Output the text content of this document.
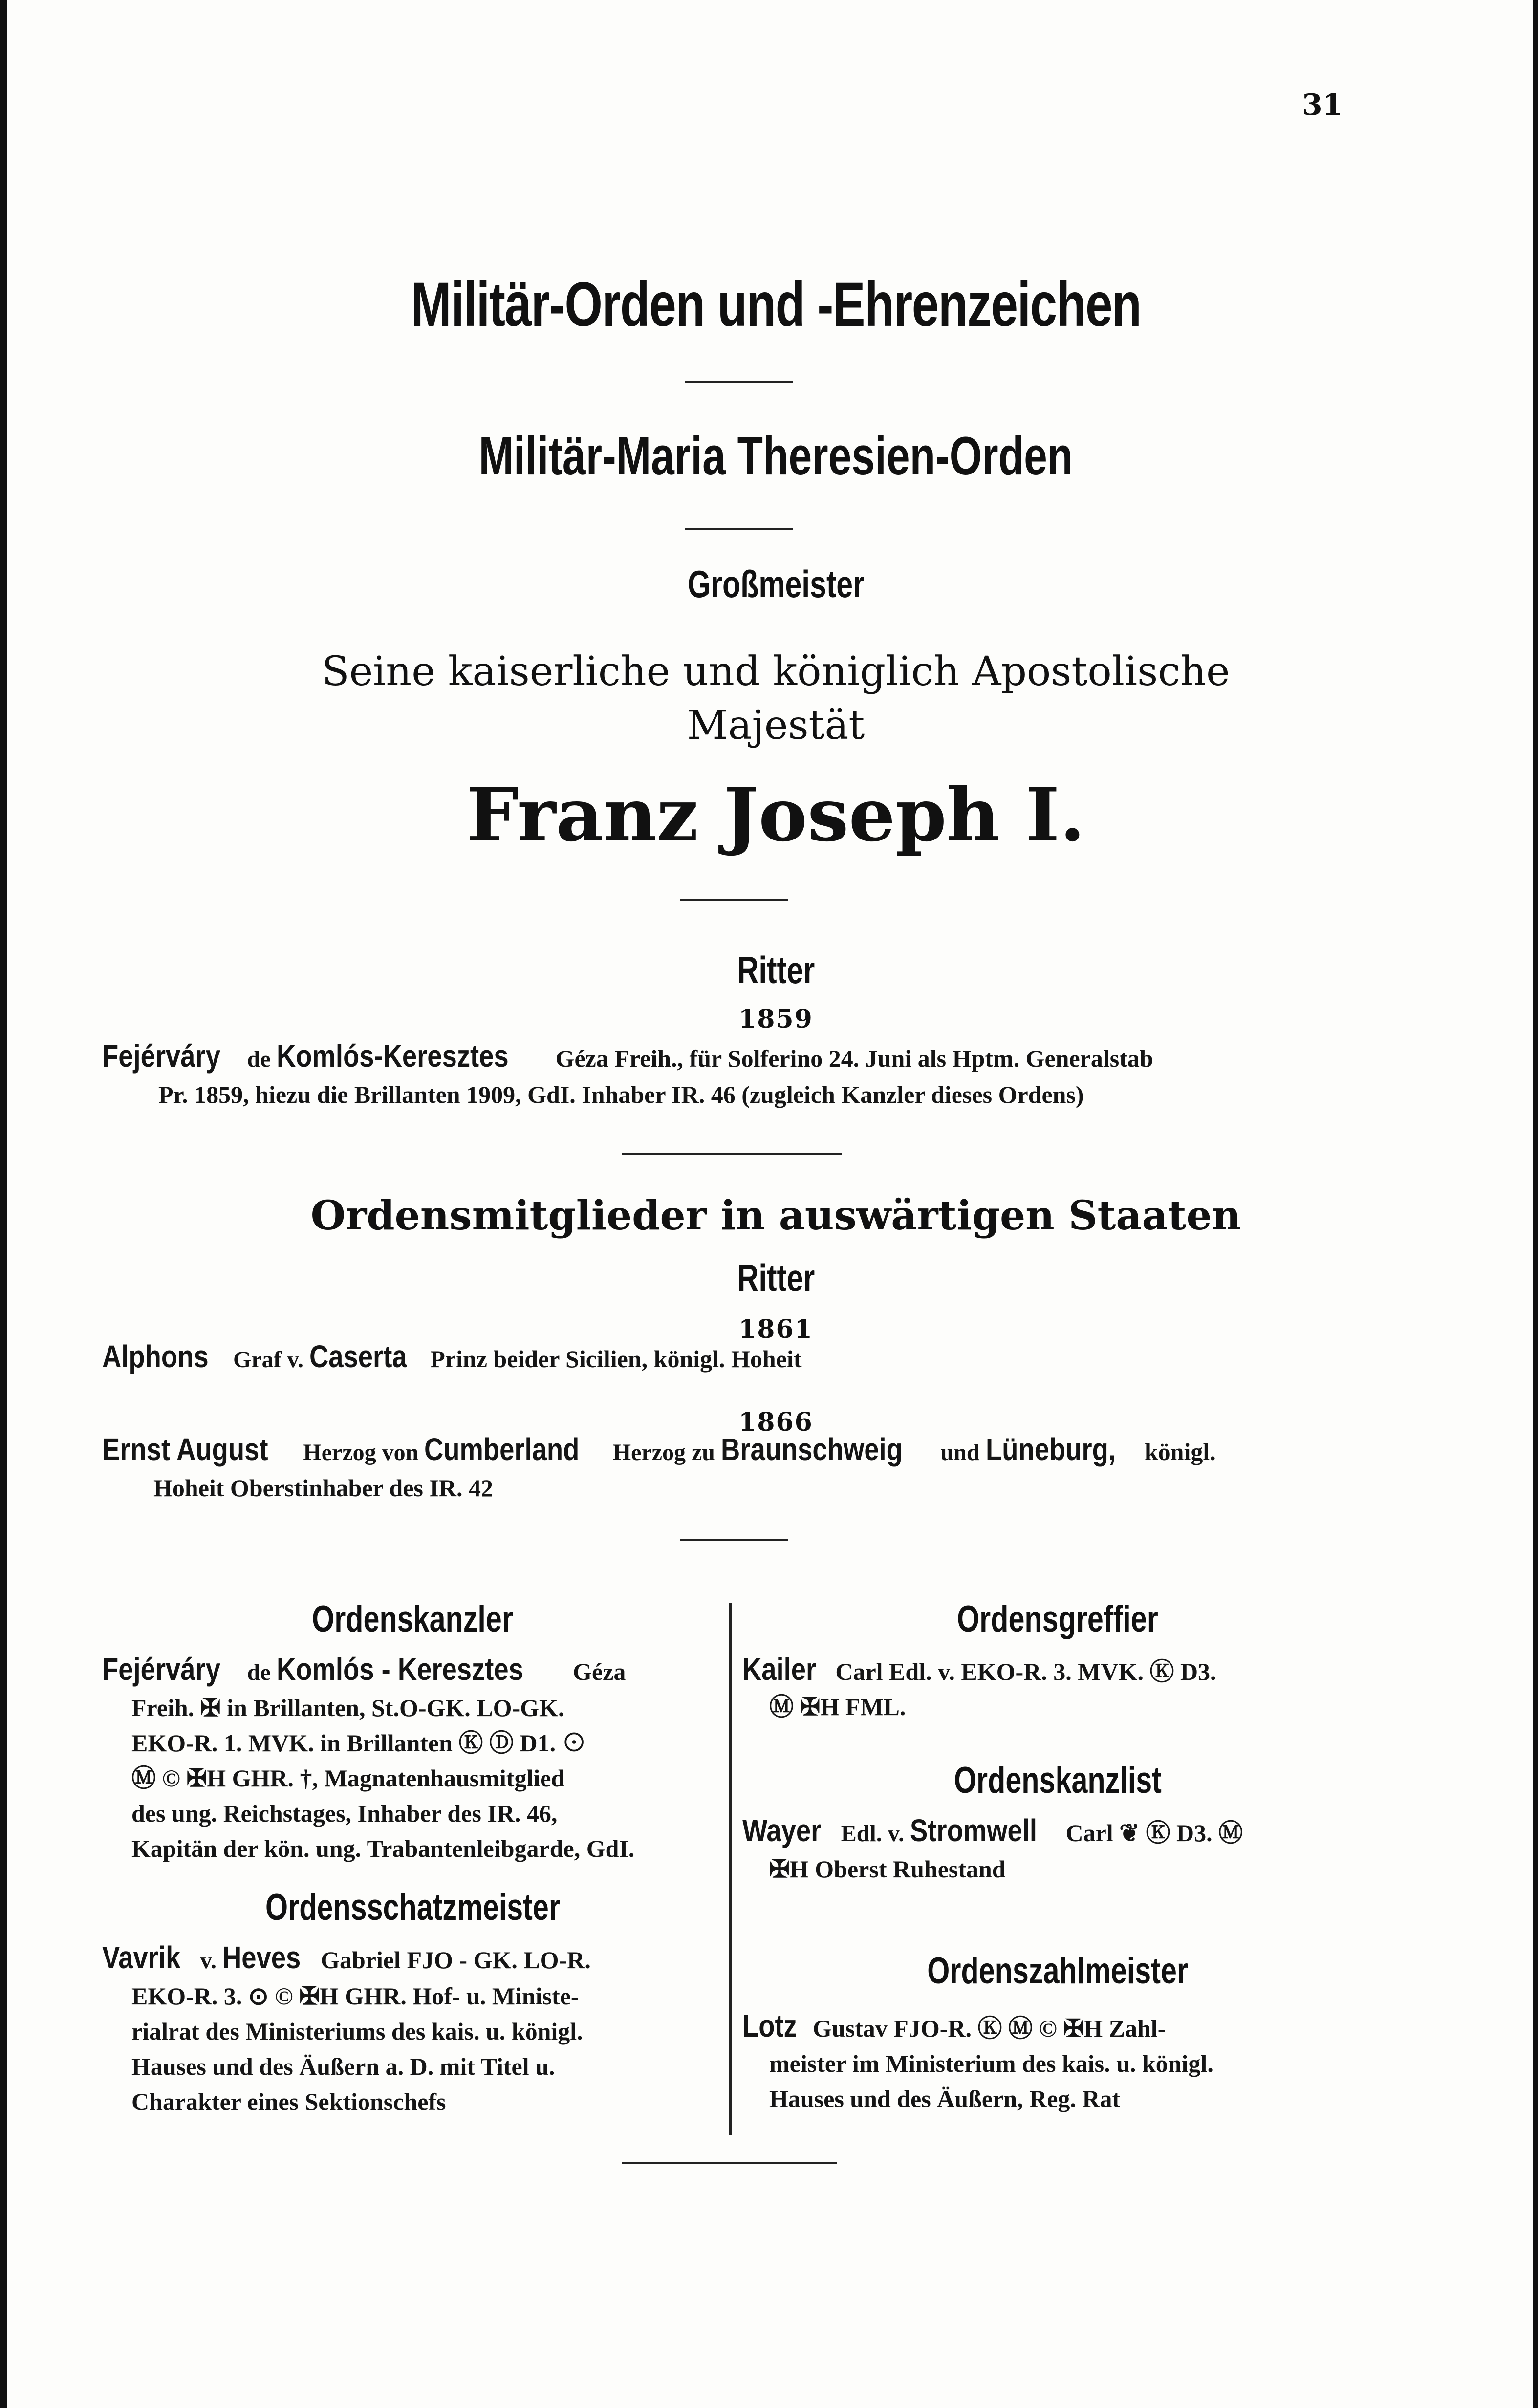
31
Militär-Orden und -Ehrenzeichen
Militär-Maria Theresien-Orden
Großmeister
Seine kaiserliche und königlich Apostolische
Majestät
Franz Joseph I.
Ritter
1859
Fejérváry de Komlós-Keresztes Géza Freih., für Solferino 24. Juni als Hptm. Generalstab
Pr. 1859, hiezu die Brillanten 1909, GdI. Inhaber IR. 46 (zugleich Kanzler dieses Ordens)
Ordensmitglieder in auswärtigen Staaten
Ritter
1861
Alphons Graf v. Caserta Prinz beider Sicilien, königl. Hoheit
1866
Ernst August Herzog von Cumberland Herzog zu Braunschweig und Lüneburg, königl.
Hoheit Oberstinhaber des IR. 42
Ordenskanzler
Fejérváry de Komlós - Keresztes Géza
Freih. ✠ in Brillanten, St.O-GK. LO-GK.
EKO-R. 1. MVK. in Brillanten Ⓚ Ⓓ D1. ⊙
Ⓜ © ✠H GHR. †, Magnatenhausmitglied
des ung. Reichstages, Inhaber des IR. 46,
Kapitän der kön. ung. Trabantenleibgarde, GdI.
Ordensschatzmeister
Vavrik v. Heves Gabriel FJO - GK. LO-R.
EKO-R. 3. ⊙ © ✠H GHR. Hof- u. Ministe-
rialrat des Ministeriums des kais. u. königl.
Hauses und des Äußern a. D. mit Titel u.
Charakter eines Sektionschefs
Ordensgreffier
Kailer Carl Edl. v. EKO-R. 3. MVK. Ⓚ D3.
Ⓜ ✠H FML.
Ordenskanzlist
Wayer Edl. v. Stromwell Carl ❦ Ⓚ D3. Ⓜ
✠H Oberst Ruhestand
Ordenszahlmeister
Lotz Gustav FJO-R. Ⓚ Ⓜ © ✠H Zahl-
meister im Ministerium des kais. u. königl.
Hauses und des Äußern, Reg. Rat
